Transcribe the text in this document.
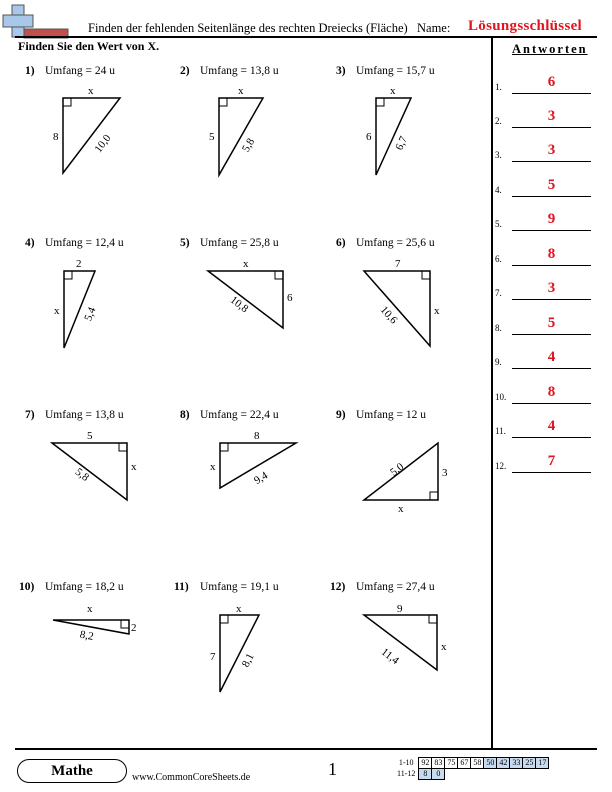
Finden der fehlenden Seitenlänge des rechten Dreiecks (Fläche) Name: Lösungsschlüssel
Finden Sie den Wert von X.	Antworten
1) Umfang = 24 u	2) Umfang = 13,8 u	3) Umfang = 15,7 u
4) Umfang = 12,4 u	5) Umfang = 25,8 u	6) Umfang = 25,6 u
7) Umfang = 13,8 u	8) Umfang = 22,4 u	9) Umfang = 12 u
10) Umfang = 18,2 u	11) Umfang = 19,1 u	12) Umfang = 27,4 u
x
8	10,0
x
5 5,8
x
6 6,7
2
x 5,4
x
6
10,8
7
x
10,6
5
x
5,8
8
x
9,4	5,0	3
x
x
2
8,2
x
7 8,1
9
x
11,4
1.	6
2.	3
3.	3
4.	5
5.	9
6.	8
7.	3
8.	5
9.	4
10.	8
11.	4
12.	7
Mathe	www.CommonCoreSheets.de	1	1-10	92	83	75	67	58	50	42	33	25	17
11-12	8	0								
